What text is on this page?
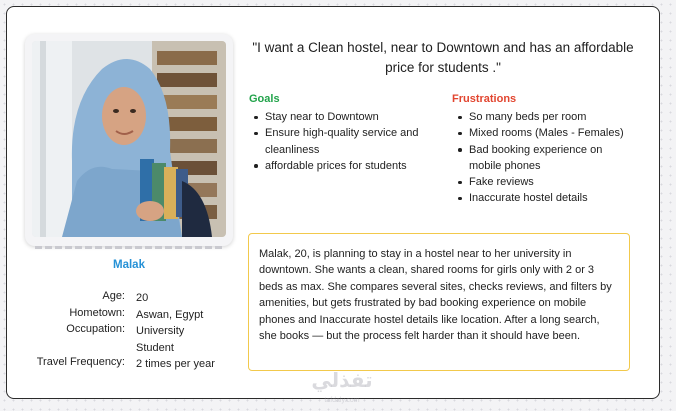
Malak
Age: 20
Hometown: Aswan, Egypt
Occupation: University Student
Travel Frequency: 2 times per year
"I want a Clean hostel, near to Downtown and has an affordable price for students ."
Goals
Stay near to Downtown
Ensure high-quality service and cleanliness
affordable prices for students
Frustrations
So many beds per room
Mixed rooms (Males - Females)
Bad booking experience on mobile phones
Fake reviews
Inaccurate hostel details
Malak, 20, is planning to stay in a hostel near to her university in downtown. She wants a clean, shared rooms for girls only with 2 or 3 beds as max. She compares several sites, checks reviews, and filters by amenities, but gets frustrated by bad booking experience on mobile phones and Inaccurate hostel details like location. After a long search, she books — but the process felt harder than it should have been.
تفذلي
tafdaly.com
